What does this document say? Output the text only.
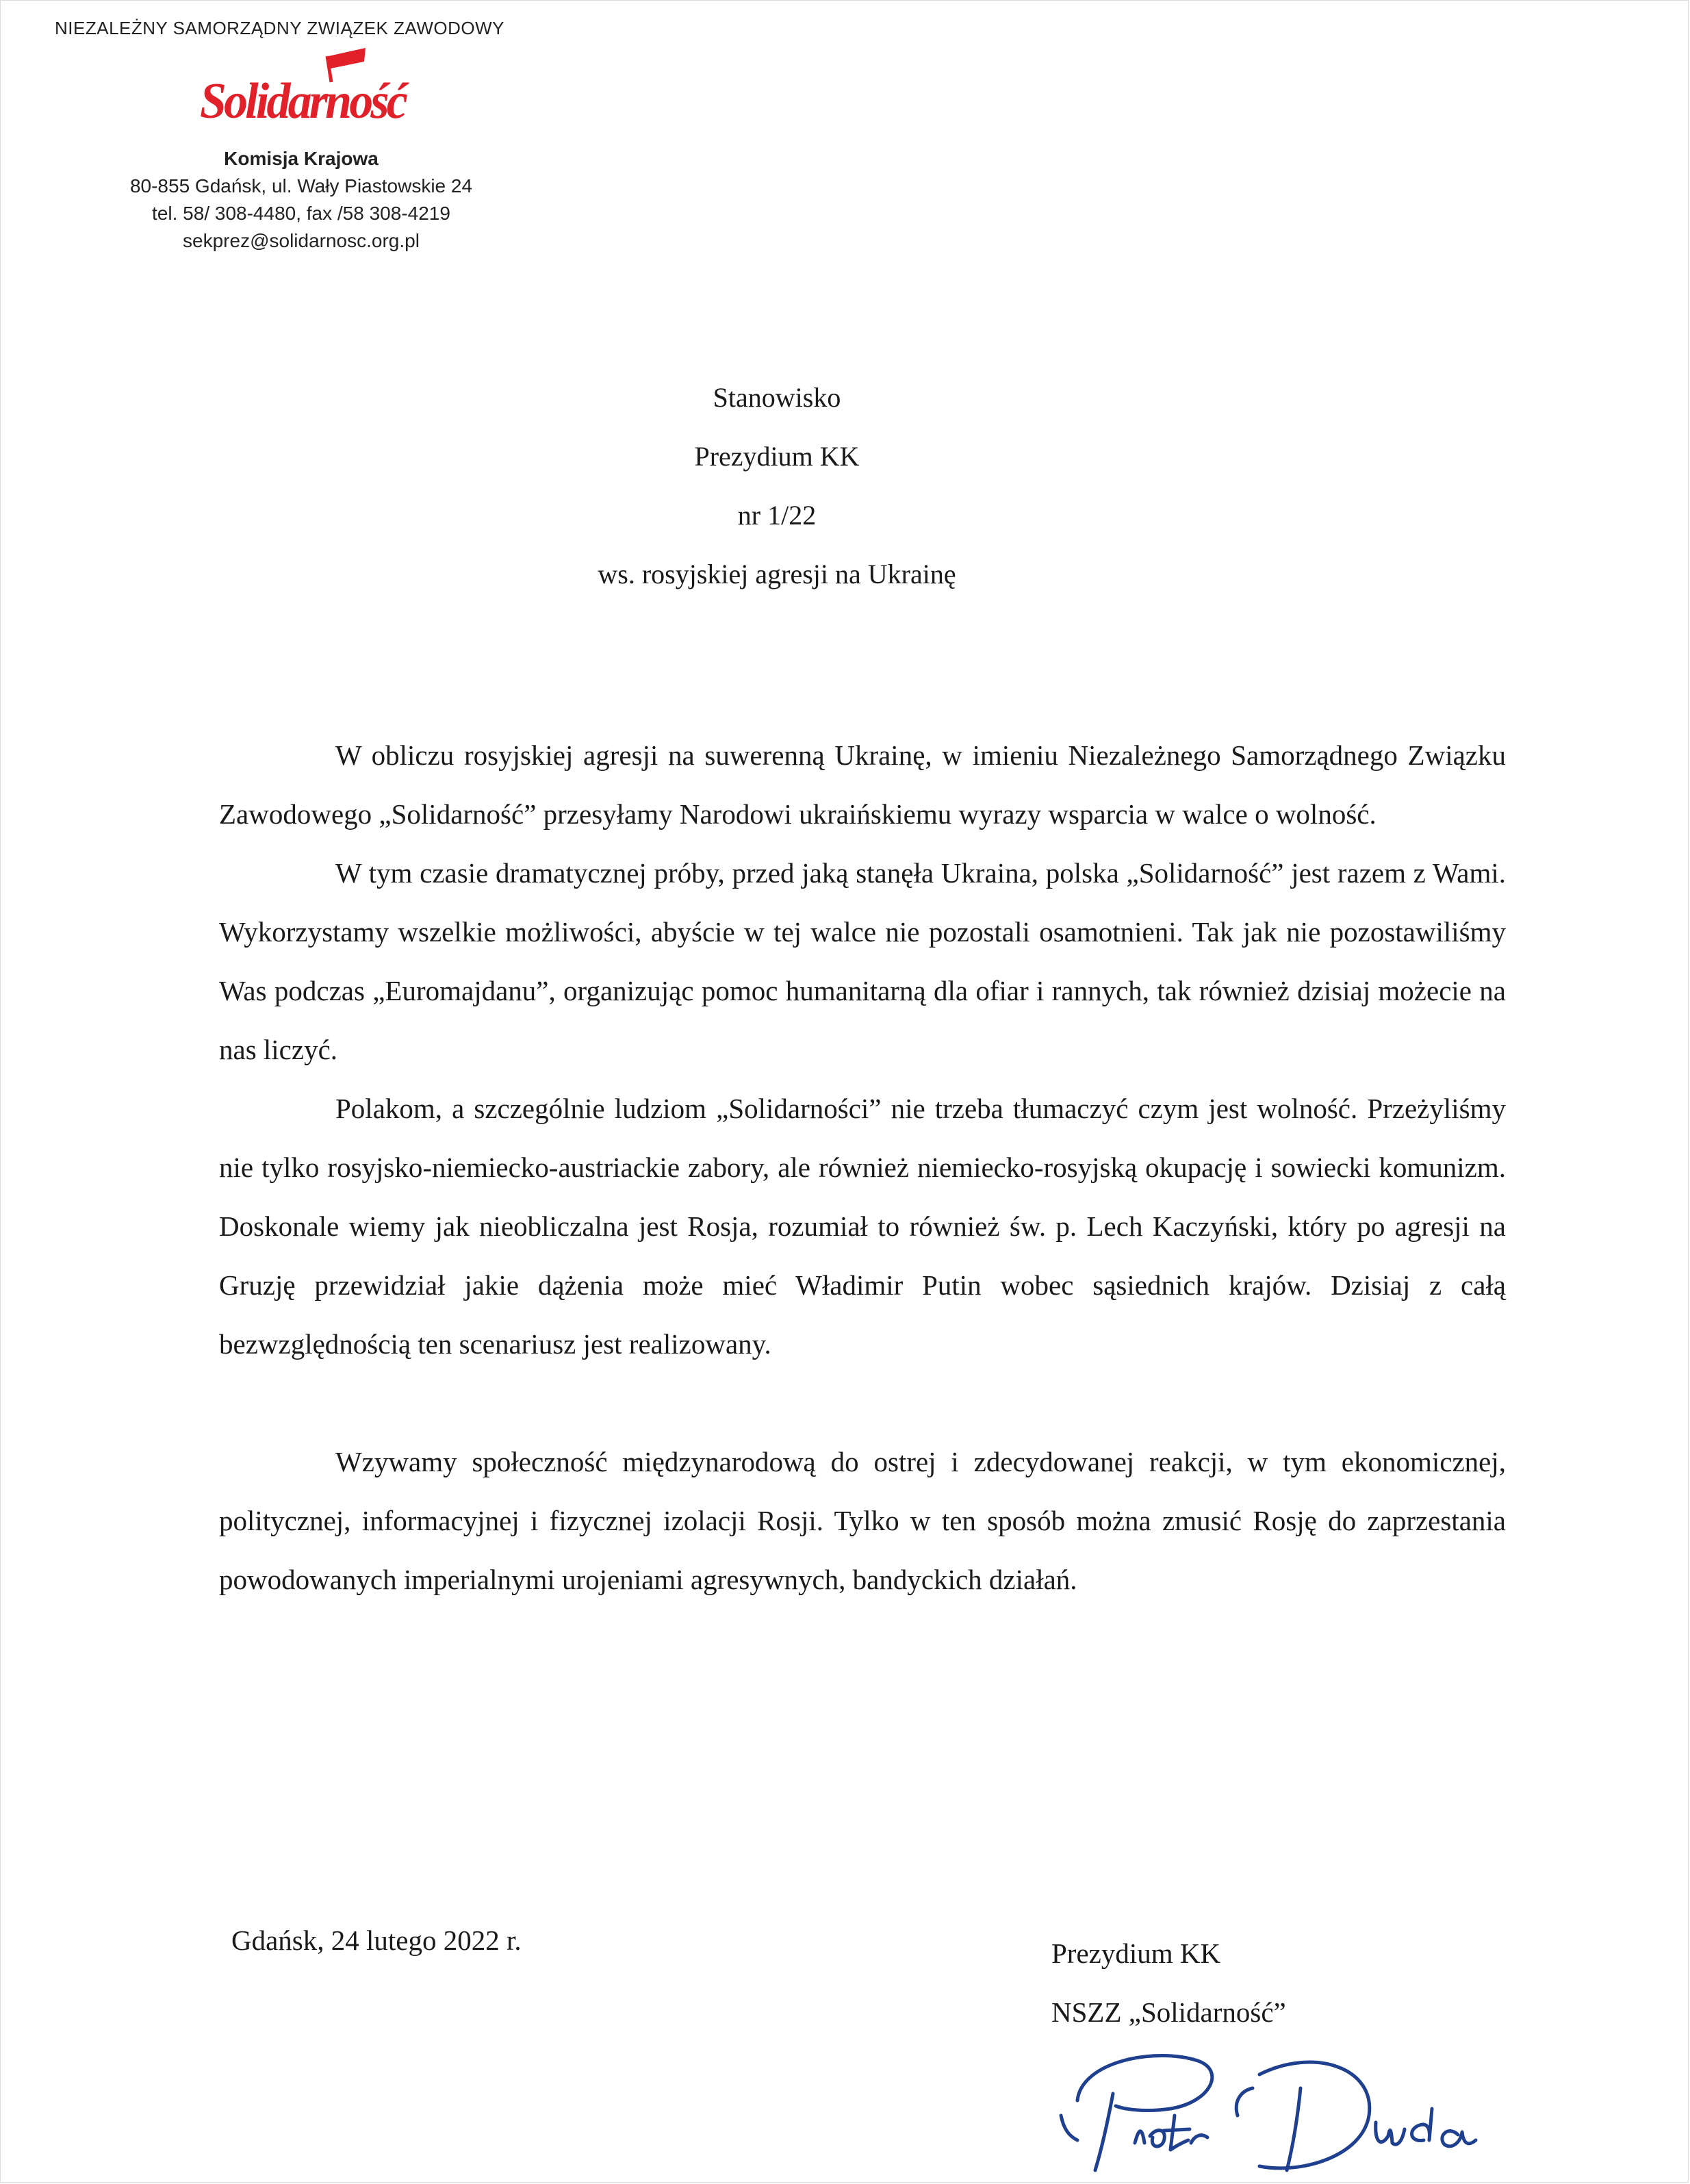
NIEZALEŻNY SAMORZĄDNY ZWIĄZEK ZAWODOWY
Solidarność
Komisja Krajowa
80-855 Gdańsk, ul. Wały Piastowskie 24
tel. 58/ 308-4480, fax /58 308-4219
sekprez@solidarnosc.org.pl
Stanowisko
Prezydium KK
nr 1/22
ws. rosyjskiej agresji na Ukrainę

W obliczu rosyjskiej agresji na suwerenną Ukrainę, w imieniu Niezależnego Samorządnego Związku Zawodowego „Solidarność” przesyłamy Narodowi ukraińskiemu wyrazy wsparcia w walce o wolność.

W tym czasie dramatycznej próby, przed jaką stanęła Ukraina, polska „Solidarność” jest razem z Wami. Wykorzystamy wszelkie możliwości, abyście w tej walce nie pozostali osamotnieni. Tak jak nie pozostawiliśmy Was podczas „Euromajdanu”, organizując pomoc humanitarną dla ofiar i rannych, tak również dzisiaj możecie na nas liczyć.

Polakom, a szczególnie ludziom „Solidarności” nie trzeba tłumaczyć czym jest wolność. Przeżyliśmy nie tylko rosyjsko-niemiecko-austriackie zabory, ale również niemiecko-rosyjską okupację i sowiecki komunizm. Doskonale wiemy jak nieobliczalna jest Rosja, rozumiał to również św. p. Lech Kaczyński, który po agresji na Gruzję przewidział jakie dążenia może mieć Władimir Putin wobec sąsiednich krajów. Dzisiaj z całą bezwzględnością ten scenariusz jest realizowany.

Wzywamy społeczność międzynarodową do ostrej i zdecydowanej reakcji, w tym ekonomicznej, politycznej, informacyjnej i fizycznej izolacji Rosji. Tylko w ten sposób można zmusić Rosję do zaprzestania powodowanych imperialnymi urojeniami agresywnych, bandyckich działań.

Gdańsk, 24 lutego 2022 r.	Prezydium KK
NSZZ „Solidarność”
